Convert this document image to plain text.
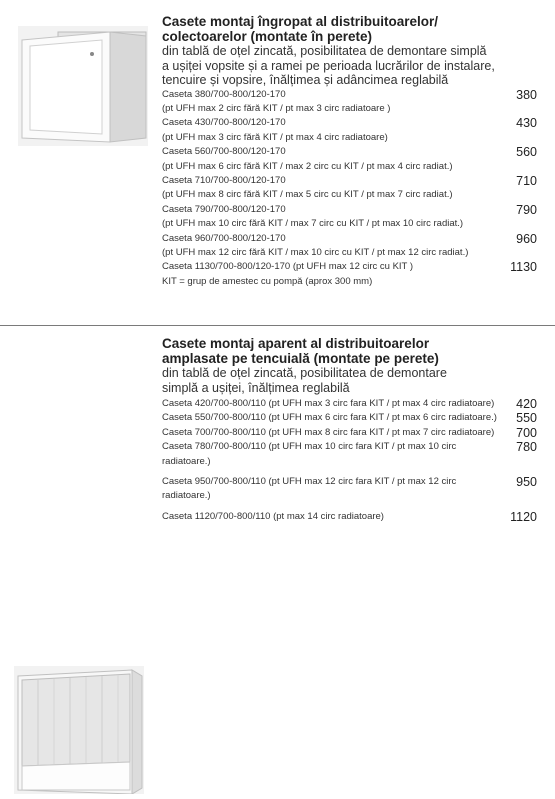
Casete montaj îngropat al distribuitoarelor/
colectoarelor (montate în perete)
din tablă de oțel zincată, posibilitatea de demontare simplă
a ușiței vopsite și a ramei pe perioada lucrărilor de instalare,
tencuire și vopsire, înălțimea și adâncimea reglabilă
Caseta 380/700-800/120-170	380
(pt UFH max 2 circ fără KIT / pt max 3 circ radiatoare )
Caseta 430/700-800/120-170	430
(pt UFH max 3 circ fără KIT / pt max 4 circ radiatoare)
Caseta 560/700-800/120-170	560
(pt UFH max 6 circ fără KIT / max 2 circ cu KIT / pt max 4 circ radiat.)
Caseta 710/700-800/120-170	710
(pt UFH max 8 circ fără KIT / max 5 circ cu KIT / pt max 7 circ radiat.)
Caseta 790/700-800/120-170	790
(pt UFH max 10 circ fără KIT / max 7 circ cu KIT / pt max 10 circ radiat.)
Caseta 960/700-800/120-170	960
(pt UFH max 12 circ fără KIT / max 10 circ cu KIT / pt max 12 circ radiat.)
Caseta 1130/700-800/120-170 (pt UFH max 12 circ cu KIT )	1130
KIT = grup de amestec cu pompă (aprox 300 mm)
Casete montaj aparent al distribuitoarelor
amplasate pe tencuială (montate pe perete)
din tablă de oțel zincată, posibilitatea de demontare
simplă a ușiței, înălțimea reglabilă
Caseta 420/700-800/110 (pt UFH max 3 circ fara KIT / pt max 4 circ radiatoare) 420
Caseta 550/700-800/110 (pt UFH max 6 circ fara KIT / pt max 6 circ radiatoare.) 550
Caseta 700/700-800/110 (pt UFH max 8 circ fara KIT / pt max 7 circ radiatoare) 700
Caseta 780/700-800/110 (pt UFH max 10 circ fara KIT / pt max 10 circ	780
radiatoare.)
Caseta 950/700-800/110 (pt UFH max 12 circ fara KIT / pt max 12 circ	950
radiatoare.)
Caseta 1120/700-800/110 (pt max 14 circ radiatoare)	1120
